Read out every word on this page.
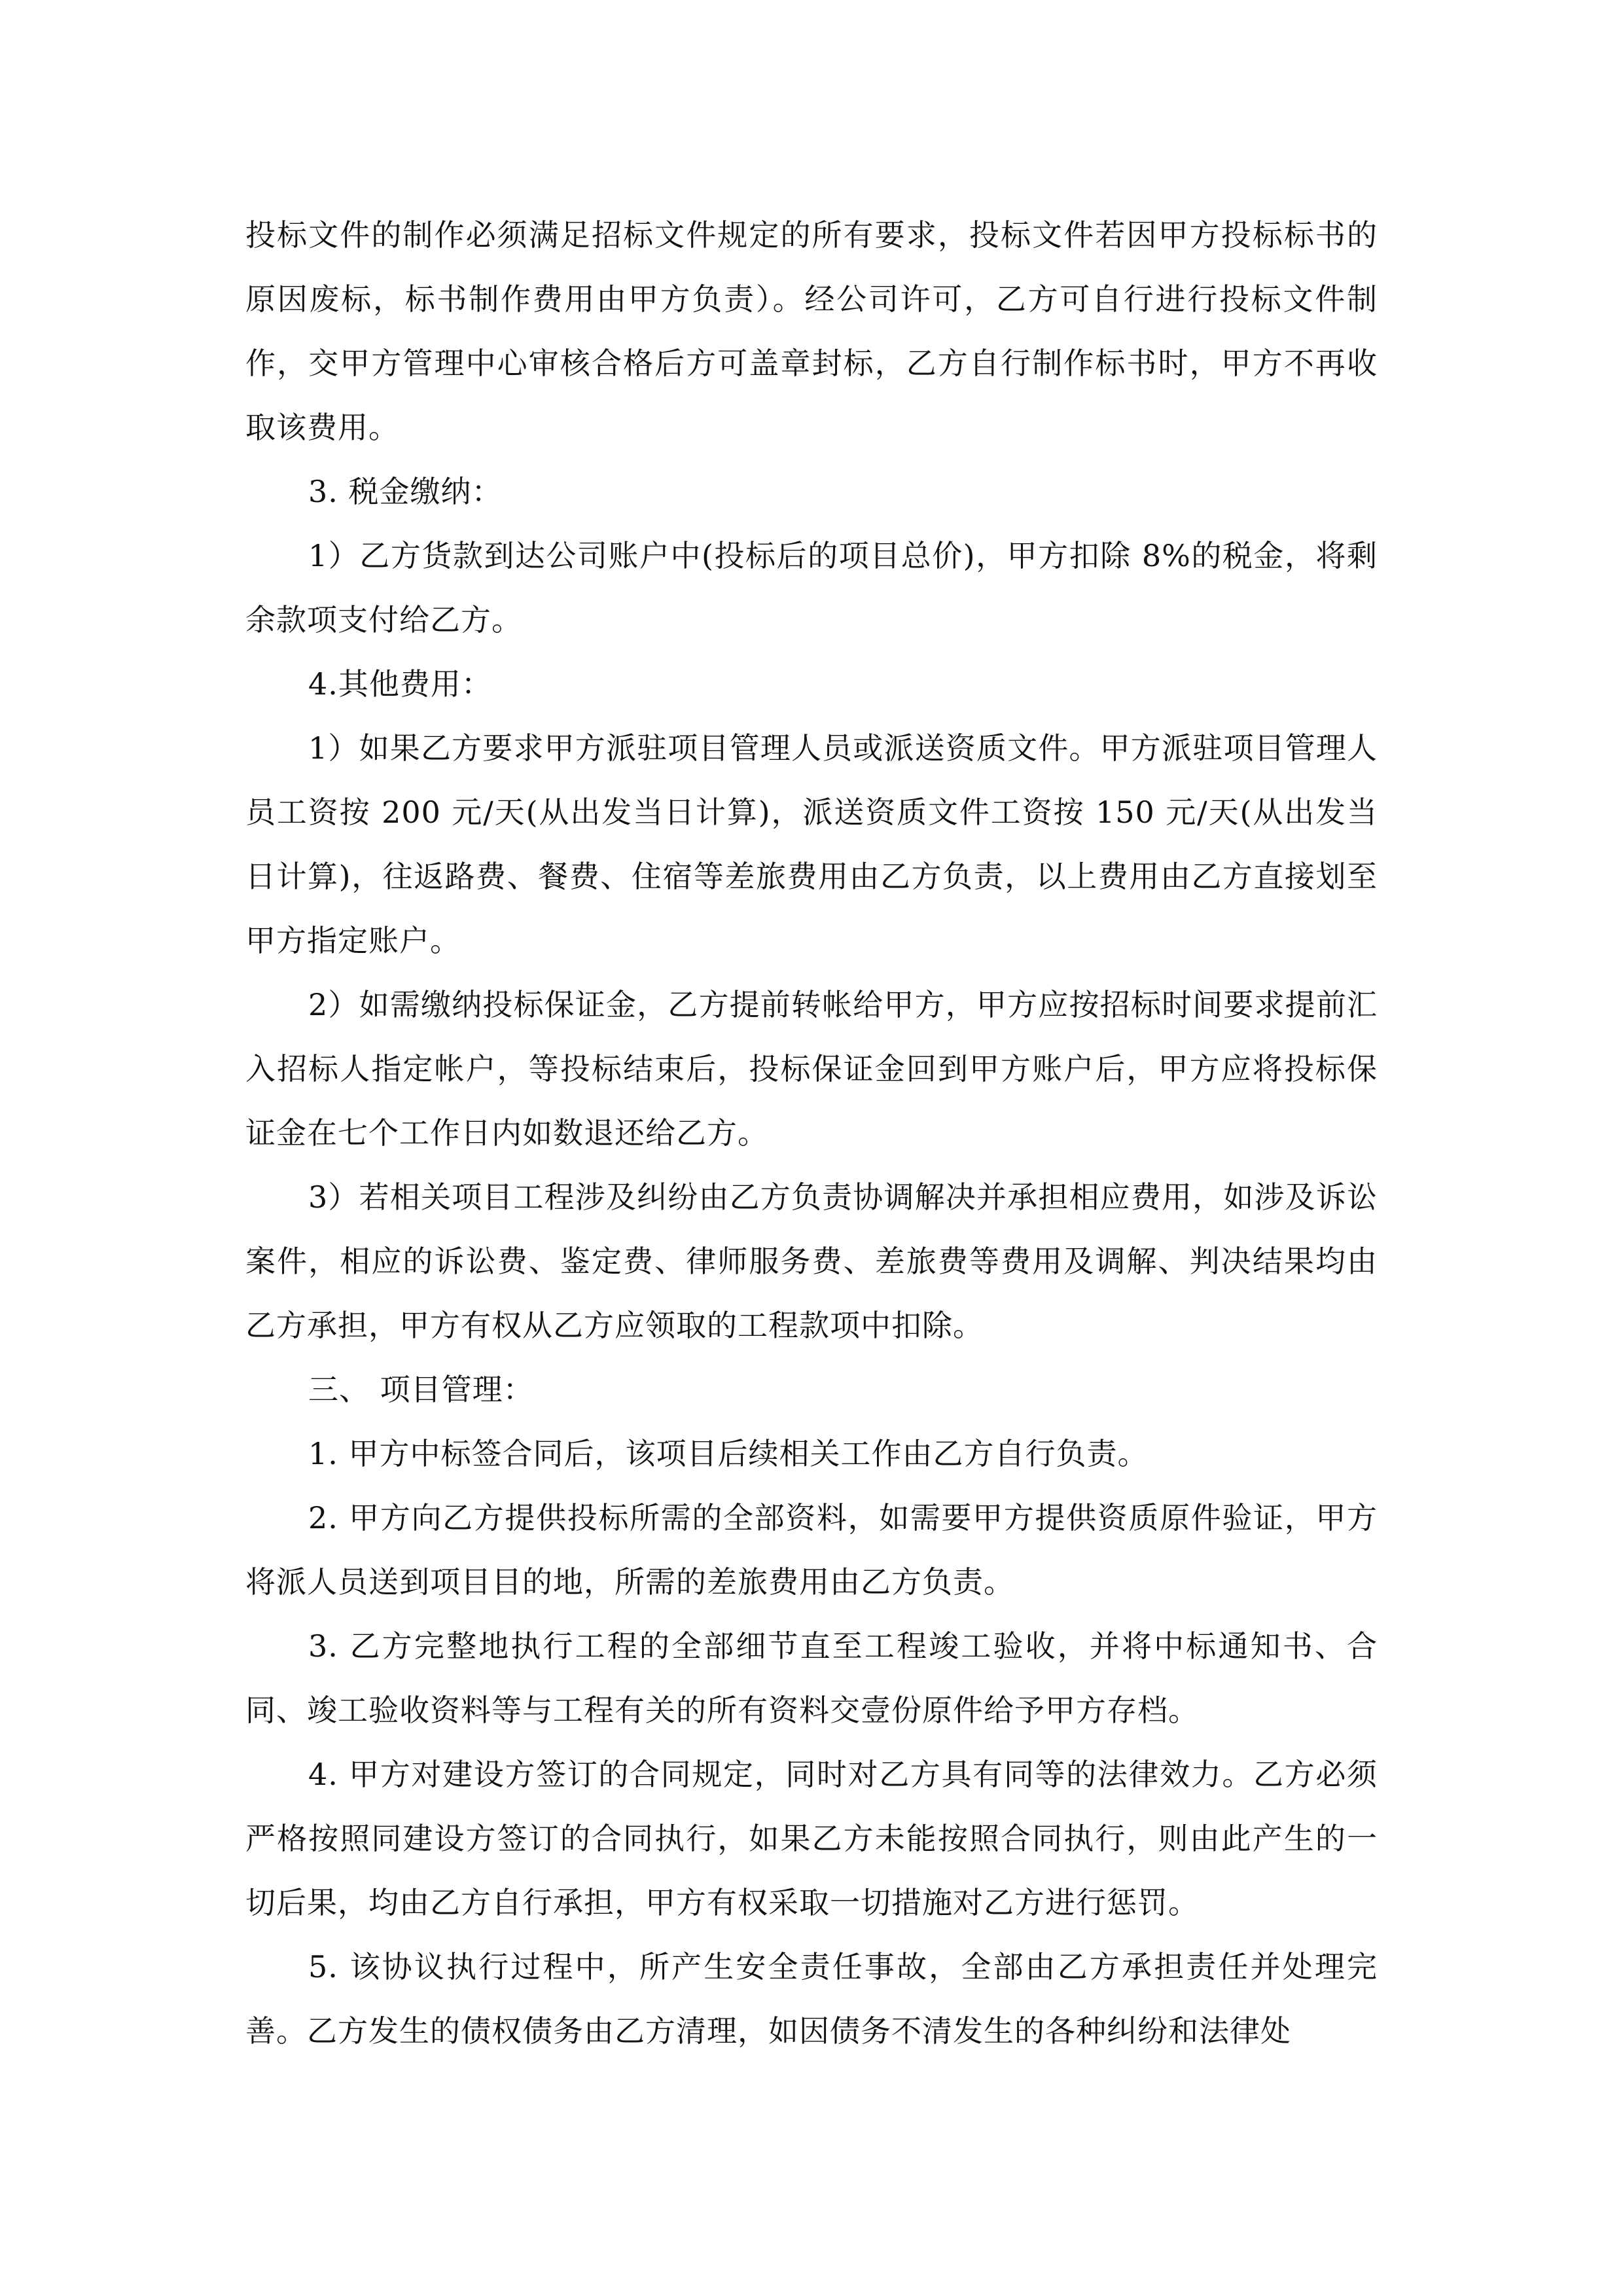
投标文件的制作必须满足招标文件规定的所有要求，投标文件若因甲方投标标书的原因废标，标书制作费用由甲方负责）。经公司许可，乙方可自行进行投标文件制作，交甲方管理中心审核合格后方可盖章封标，乙方自行制作标书时，甲方不再收取该费用。

3. 税金缴纳：

1）乙方货款到达公司账户中(投标后的项目总价)，甲方扣除 8%的税金，将剩余款项支付给乙方。

4.其他费用：

1）如果乙方要求甲方派驻项目管理人员或派送资质文件。甲方派驻项目管理人员工资按 200 元/天(从出发当日计算)，派送资质文件工资按 150 元/天(从出发当日计算)，往返路费、餐费、住宿等差旅费用由乙方负责，以上费用由乙方直接划至甲方指定账户。

2）如需缴纳投标保证金，乙方提前转帐给甲方，甲方应按招标时间要求提前汇入招标人指定帐户，等投标结束后，投标保证金回到甲方账户后，甲方应将投标保证金在七个工作日内如数退还给乙方。

3）若相关项目工程涉及纠纷由乙方负责协调解决并承担相应费用，如涉及诉讼案件，相应的诉讼费、鉴定费、律师服务费、差旅费等费用及调解、判决结果均由乙方承担，甲方有权从乙方应领取的工程款项中扣除。

三、 项目管理：

1. 甲方中标签合同后，该项目后续相关工作由乙方自行负责。

2. 甲方向乙方提供投标所需的全部资料，如需要甲方提供资质原件验证，甲方将派人员送到项目目的地，所需的差旅费用由乙方负责。

3. 乙方完整地执行工程的全部细节直至工程竣工验收，并将中标通知书、合同、竣工验收资料等与工程有关的所有资料交壹份原件给予甲方存档。

4. 甲方对建设方签订的合同规定，同时对乙方具有同等的法律效力。乙方必须严格按照同建设方签订的合同执行，如果乙方未能按照合同执行，则由此产生的一切后果，均由乙方自行承担，甲方有权采取一切措施对乙方进行惩罚。

5. 该协议执行过程中，所产生安全责任事故，全部由乙方承担责任并处理完善。乙方发生的债权债务由乙方清理，如因债务不清发生的各种纠纷和法律处
